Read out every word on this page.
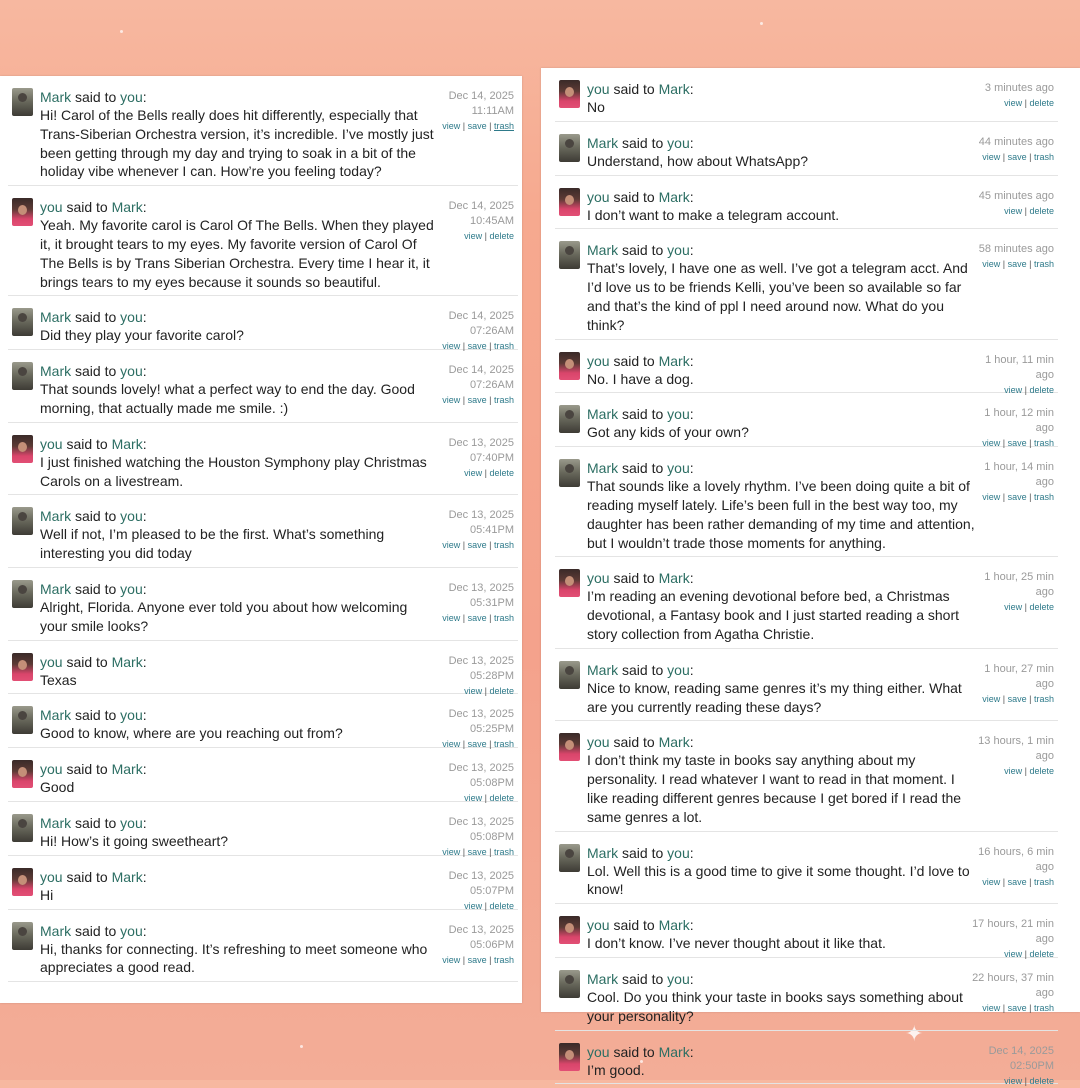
✦
Mark said to you:
Hi! Carol of the Bells really does hit differently, especially that Trans-Siberian Orchestra version, it’s incredible. I’ve mostly just been getting through my day and trying to soak in a bit of the holiday vibe whenever I can. How’re you feeling today?
Dec 14, 2025
11:11AM
view | save | trash
you said to Mark:
Yeah. My favorite carol is Carol Of The Bells. When they played it, it brought tears to my eyes. My favorite version of Carol Of The Bells is by Trans Siberian Orchestra. Every time I hear it, it brings tears to my eyes because it sounds so beautiful.
Dec 14, 2025
10:45AM
view | delete
Mark said to you:
Did they play your favorite carol?
Dec 14, 2025
07:26AM
view | save | trash
Mark said to you:
That sounds lovely! what a perfect way to end the day. Good morning, that actually made me smile. :)
Dec 14, 2025
07:26AM
view | save | trash
you said to Mark:
I just finished watching the Houston Symphony play Christmas Carols on a livestream.
Dec 13, 2025
07:40PM
view | delete
Mark said to you:
Well if not, I’m pleased to be the first. What’s something interesting you did today
Dec 13, 2025
05:41PM
view | save | trash
Mark said to you:
Alright, Florida. Anyone ever told you about how welcoming your smile looks?
Dec 13, 2025
05:31PM
view | save | trash
you said to Mark:
Texas
Dec 13, 2025
05:28PM
view | delete
Mark said to you:
Good to know, where are you reaching out from?
Dec 13, 2025
05:25PM
view | save | trash
you said to Mark:
Good
Dec 13, 2025
05:08PM
view | delete
Mark said to you:
Hi! How’s it going sweetheart?
Dec 13, 2025
05:08PM
view | save | trash
you said to Mark:
Hi
Dec 13, 2025
05:07PM
view | delete
Mark said to you:
Hi, thanks for connecting. It’s refreshing to meet someone who appreciates a good read.
Dec 13, 2025
05:06PM
view | save | trash
you said to Mark:
No
3 minutes ago
view | delete
Mark said to you:
Understand, how about WhatsApp?
44 minutes ago
view | save | trash
you said to Mark:
I don’t want to make a telegram account.
45 minutes ago
view | delete
Mark said to you:
That’s lovely, I have one as well. I’ve got a telegram acct. And I’d love us to be friends Kelli, you’ve been so available so far and that’s the kind of ppl I need around now. What do you think?
58 minutes ago
view | save | trash
you said to Mark:
No. I have a dog.
1 hour, 11 min ago
view | delete
Mark said to you:
Got any kids of your own?
1 hour, 12 min ago
view | save | trash
Mark said to you:
That sounds like a lovely rhythm. I’ve been doing quite a bit of reading myself lately. Life’s been full in the best way too, my daughter has been rather demanding of my time and attention, but I wouldn’t trade those moments for anything.
1 hour, 14 min ago
view | save | trash
you said to Mark:
I’m reading an evening devotional before bed, a Christmas devotional, a Fantasy book and I just started reading a short story collection from Agatha Christie.
1 hour, 25 min ago
view | delete
Mark said to you:
Nice to know, reading same genres it’s my thing either. What are you currently reading these days?
1 hour, 27 min ago
view | save | trash
you said to Mark:
I don’t think my taste in books say anything about my personality. I read whatever I want to read in that moment. I like reading different genres because I get bored if I read the same genres a lot.
13 hours, 1 min ago
view | delete
Mark said to you:
Lol. Well this is a good time to give it some thought. I’d love to know!
16 hours, 6 min ago
view | save | trash
you said to Mark:
I don’t know. I’ve never thought about it like that.
17 hours, 21 min ago
view | delete
Mark said to you:
Cool. Do you think your taste in books says something about your personality?
22 hours, 37 min ago
view | save | trash
you said to Mark:
I’m good.
Dec 14, 2025
02:50PM
view | delete
